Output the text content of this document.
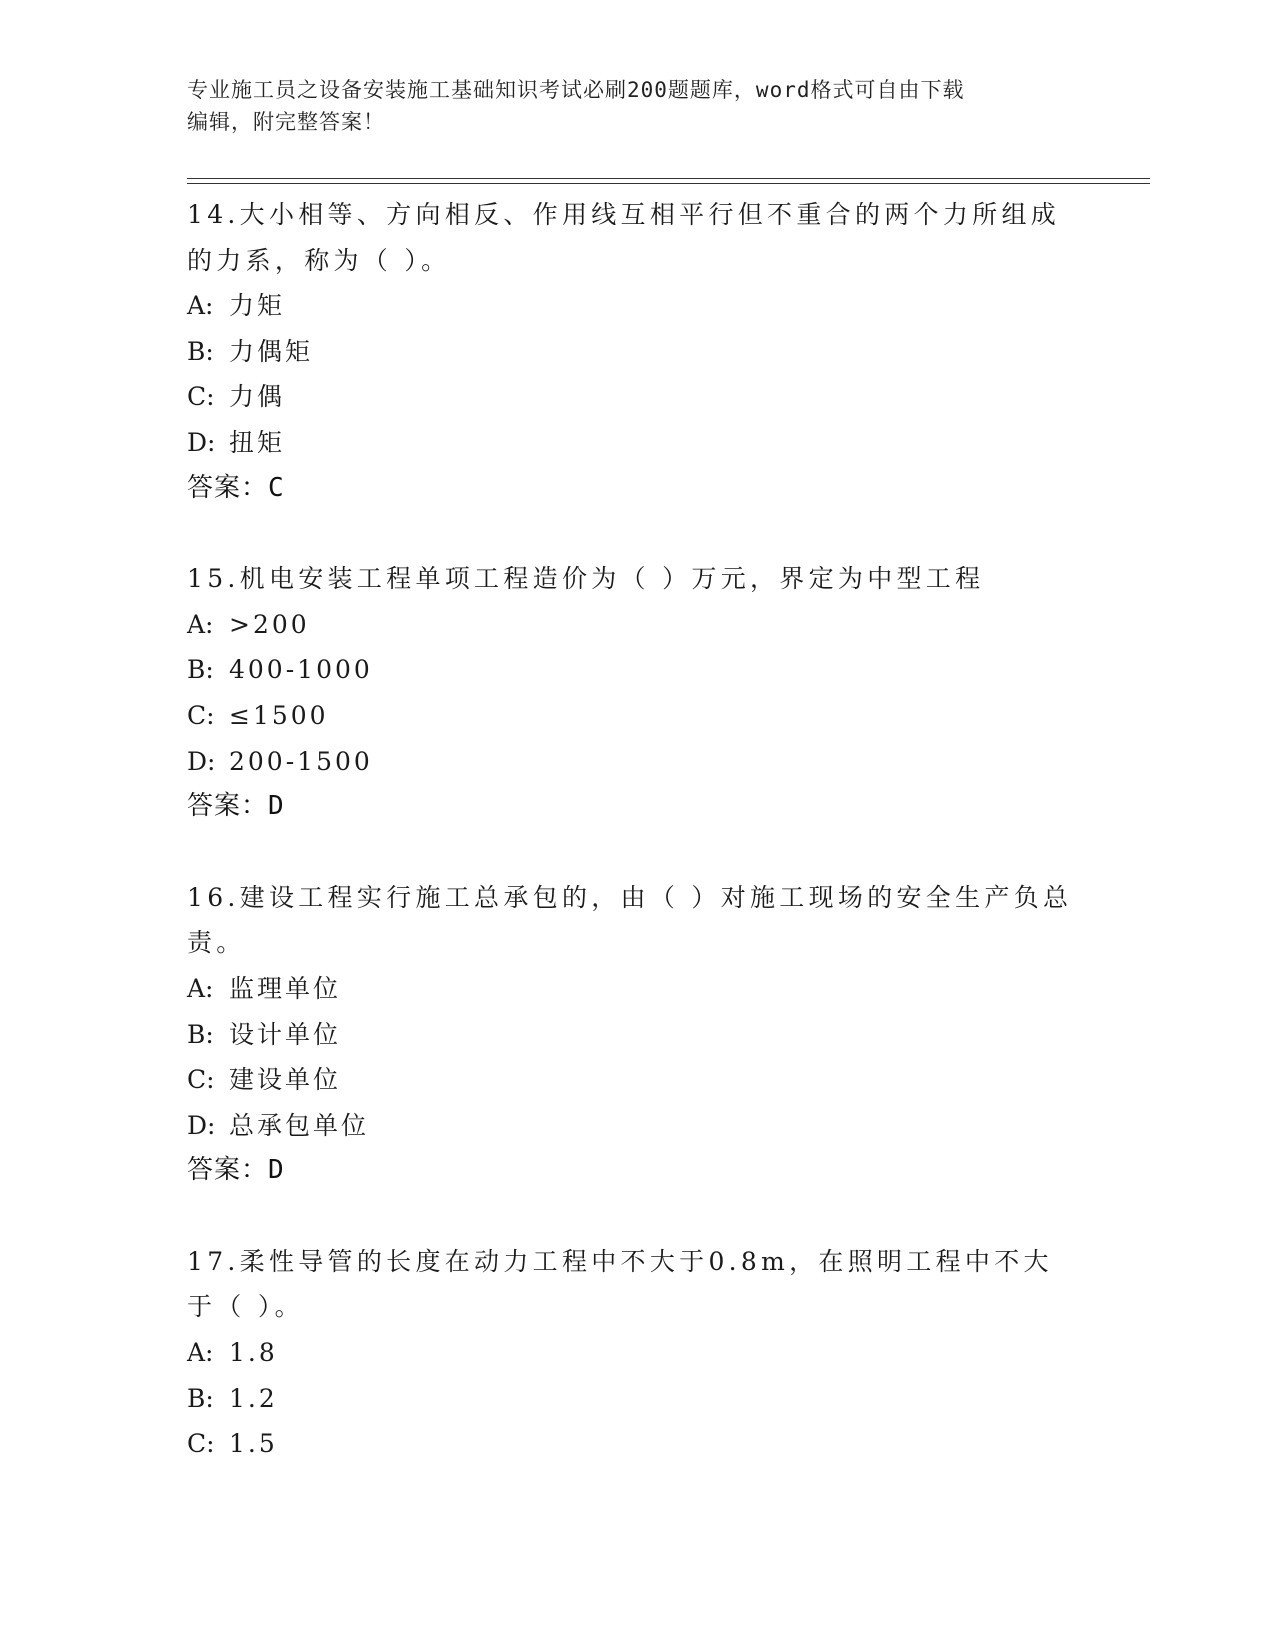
专业施工员之设备安装施工基础知识考试必刷200题题库，word格式可自由下载
编辑，附完整答案！
14.大小相等、方向相反、作用线互相平行但不重合的两个力所组成的力系，称为（ ）。
A: 力矩
B: 力偶矩
C: 力偶
D: 扭矩
答案：C
15.机电安装工程单项工程造价为（ ）万元，界定为中型工程
A: >200
B: 400-1000
C: ≤1500
D: 200-1500
答案：D
16.建设工程实行施工总承包的，由（ ）对施工现场的安全生产负总责。
A: 监理单位
B: 设计单位
C: 建设单位
D: 总承包单位
答案：D
17.柔性导管的长度在动力工程中不大于0.8m，在照明工程中不大于（ ）。
A: 1.8
B: 1.2
C: 1.5
